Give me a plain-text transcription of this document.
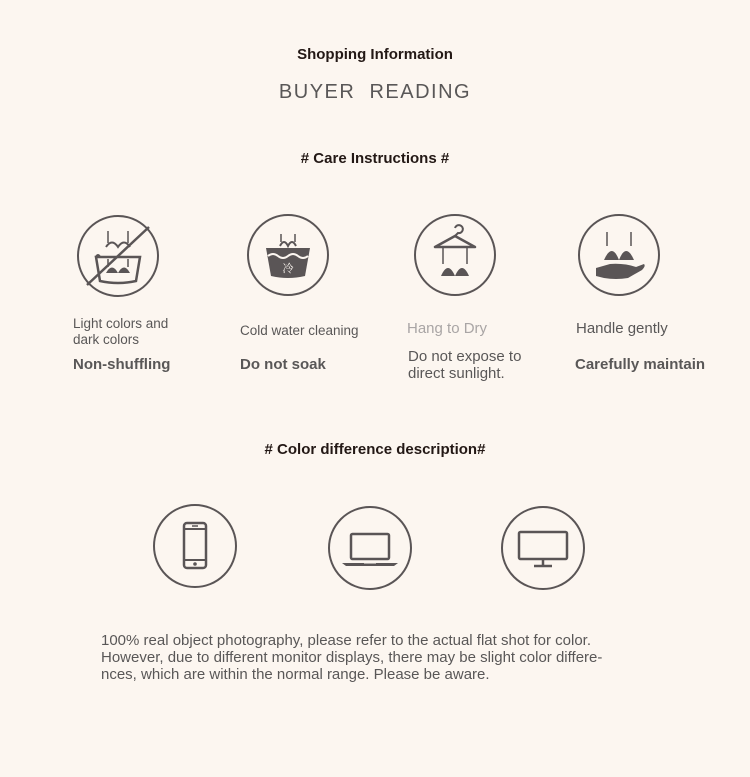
Shopping Information
BUYER  READING
# Care Instructions #
冷
Light colors and
dark colors
Non-shuffling
Cold water cleaning
Do not soak
Hang to Dry
Do not expose to
direct sunlight.
Handle gently
Carefully maintain
# Color difference description#
100% real object photography, please refer to the actual flat shot for color.
However, due to different monitor displays, there may be slight color differe-
nces, which are within the normal range. Please be aware.
